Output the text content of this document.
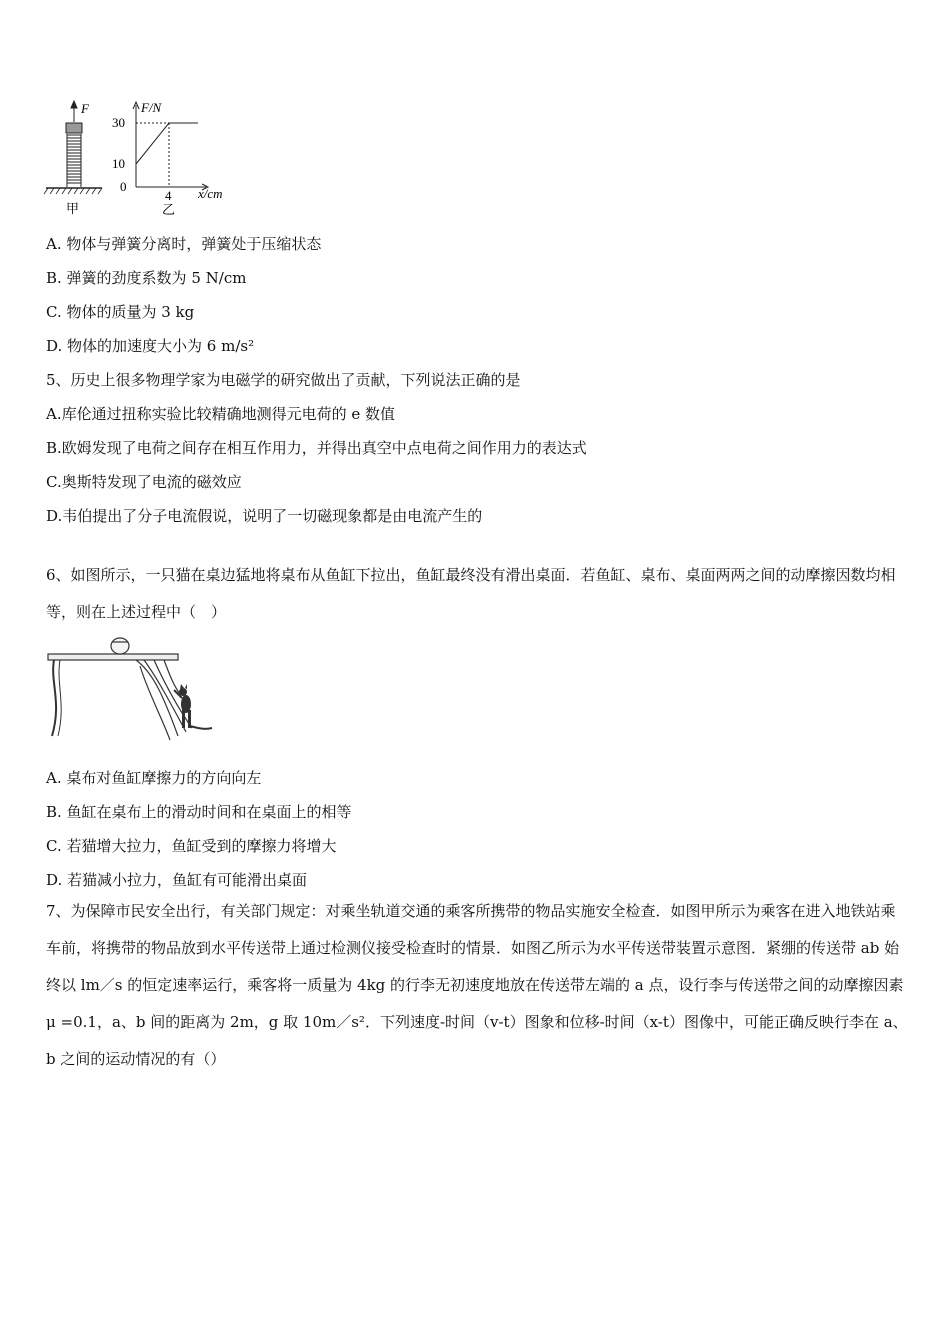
F
甲
F/N
30
10
0
4 x/cm
乙
A. 物体与弹簧分离时，弹簧处于压缩状态
B. 弹簧的劲度系数为 5 N/cm
C. 物体的质量为 3 kg
D. 物体的加速度大小为 6 m/s²
5、历史上很多物理学家为电磁学的研究做出了贡献，下列说法正确的是
A.库伦通过扭称实验比较精确地测得元电荷的 e 数值
B.欧姆发现了电荷之间存在相互作用力，并得出真空中点电荷之间作用力的表达式
C.奥斯特发现了电流的磁效应
D.韦伯提出了分子电流假说，说明了一切磁现象都是由电流产生的
6、如图所示，一只猫在桌边猛地将桌布从鱼缸下拉出，鱼缸最终没有滑出桌面．若鱼缸、桌布、桌面两两之间的动摩擦因数均相等，则在上述过程中（　）
A. 桌布对鱼缸摩擦力的方向向左
B. 鱼缸在桌布上的滑动时间和在桌面上的相等
C. 若猫增大拉力，鱼缸受到的摩擦力将增大
D. 若猫减小拉力，鱼缸有可能滑出桌面
7、为保障市民安全出行，有关部门规定：对乘坐轨道交通的乘客所携带的物品实施安全检查．如图甲所示为乘客在进入地铁站乘车前，将携带的物品放到水平传送带上通过检测仪接受检查时的情景．如图乙所示为水平传送带装置示意图．紧绷的传送带 ab 始终以 lm／s 的恒定速率运行，乘客将一质量为 4kg 的行李无初速度地放在传送带左端的 a 点，设行李与传送带之间的动摩擦因素 μ =0.1，a、b 间的距离为 2m，g 取 10m／s²．下列速度-时间（v-t）图象和位移-时间（x-t）图像中，可能正确反映行李在 a、b 之间的运动情况的有（）
